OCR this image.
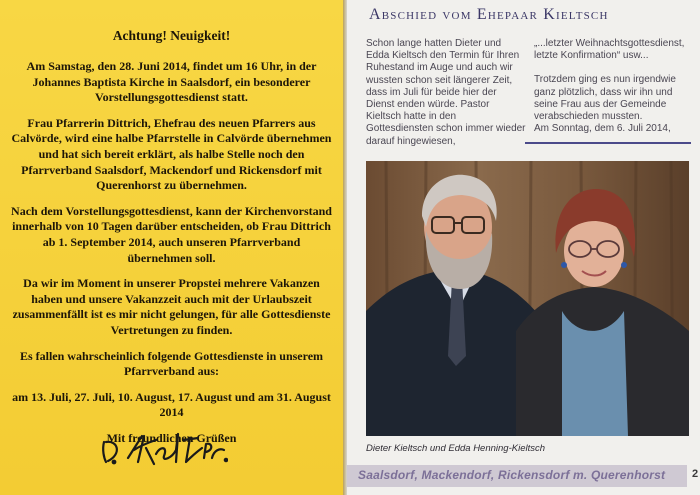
Achtung! Neuigkeit!

Am Samstag, den 28. Juni 2014, findet um 16 Uhr, in der Johannes Baptista Kirche in Saalsdorf, ein besonderer Vorstellungsgottesdienst statt.

Frau Pfarrerin Dittrich, Ehefrau des neuen Pfarrers aus Calvörde, wird eine halbe Pfarrstelle in Calvörde übernehmen und hat sich bereit erklärt, als halbe Stelle noch den Pfarrverband Saalsdorf, Mackendorf und Rickensdorf mit Querenhorst zu übernehmen.

Nach dem Vorstellungsgottesdienst, kann der Kirchenvorstand innerhalb von 10 Tagen darüber entscheiden, ob Frau Dittrich ab 1. September 2014, auch unseren Pfarrverband übernehmen soll.

Da wir im Moment in unserer Propstei mehrere Vakanzen haben und unsere Vakanzzeit auch mit der Urlaubszeit zusammenfällt ist es mir nicht gelungen, für alle Gottesdienste Vertretungen zu finden.

Es fallen wahrscheinlich folgende Gottesdienste in unserem Pfarrverband aus:

am 13. Juli, 27. Juli, 10. August, 17. August und am 31. August 2014

Mit freundlichen Grüßen

Abschied vom Ehepaar Kieltsch
Schon lange hatten Dieter und Edda Kieltsch den Termin für Ihren Ruhestand im Auge und auch wir wussten schon seit längerer Zeit, dass im Juli für beide hier der Dienst enden würde. Pastor Kieltsch hatte in den Gottesdiensten schon immer wieder darauf hingewiesen,
„...letzter Weihnachtsgottesdienst, letzte Konfirmation“ usw...
Trotzdem ging es nun irgendwie ganz plötzlich, dass wir ihn und seine Frau aus der Gemeinde verabschieden mussten.
Am Sonntag, dem 6. Juli 2014,
Dieter Kieltsch und Edda Henning-Kieltsch
Saalsdorf, Mackendorf, Rickensdorf m. Querenhorst	2
